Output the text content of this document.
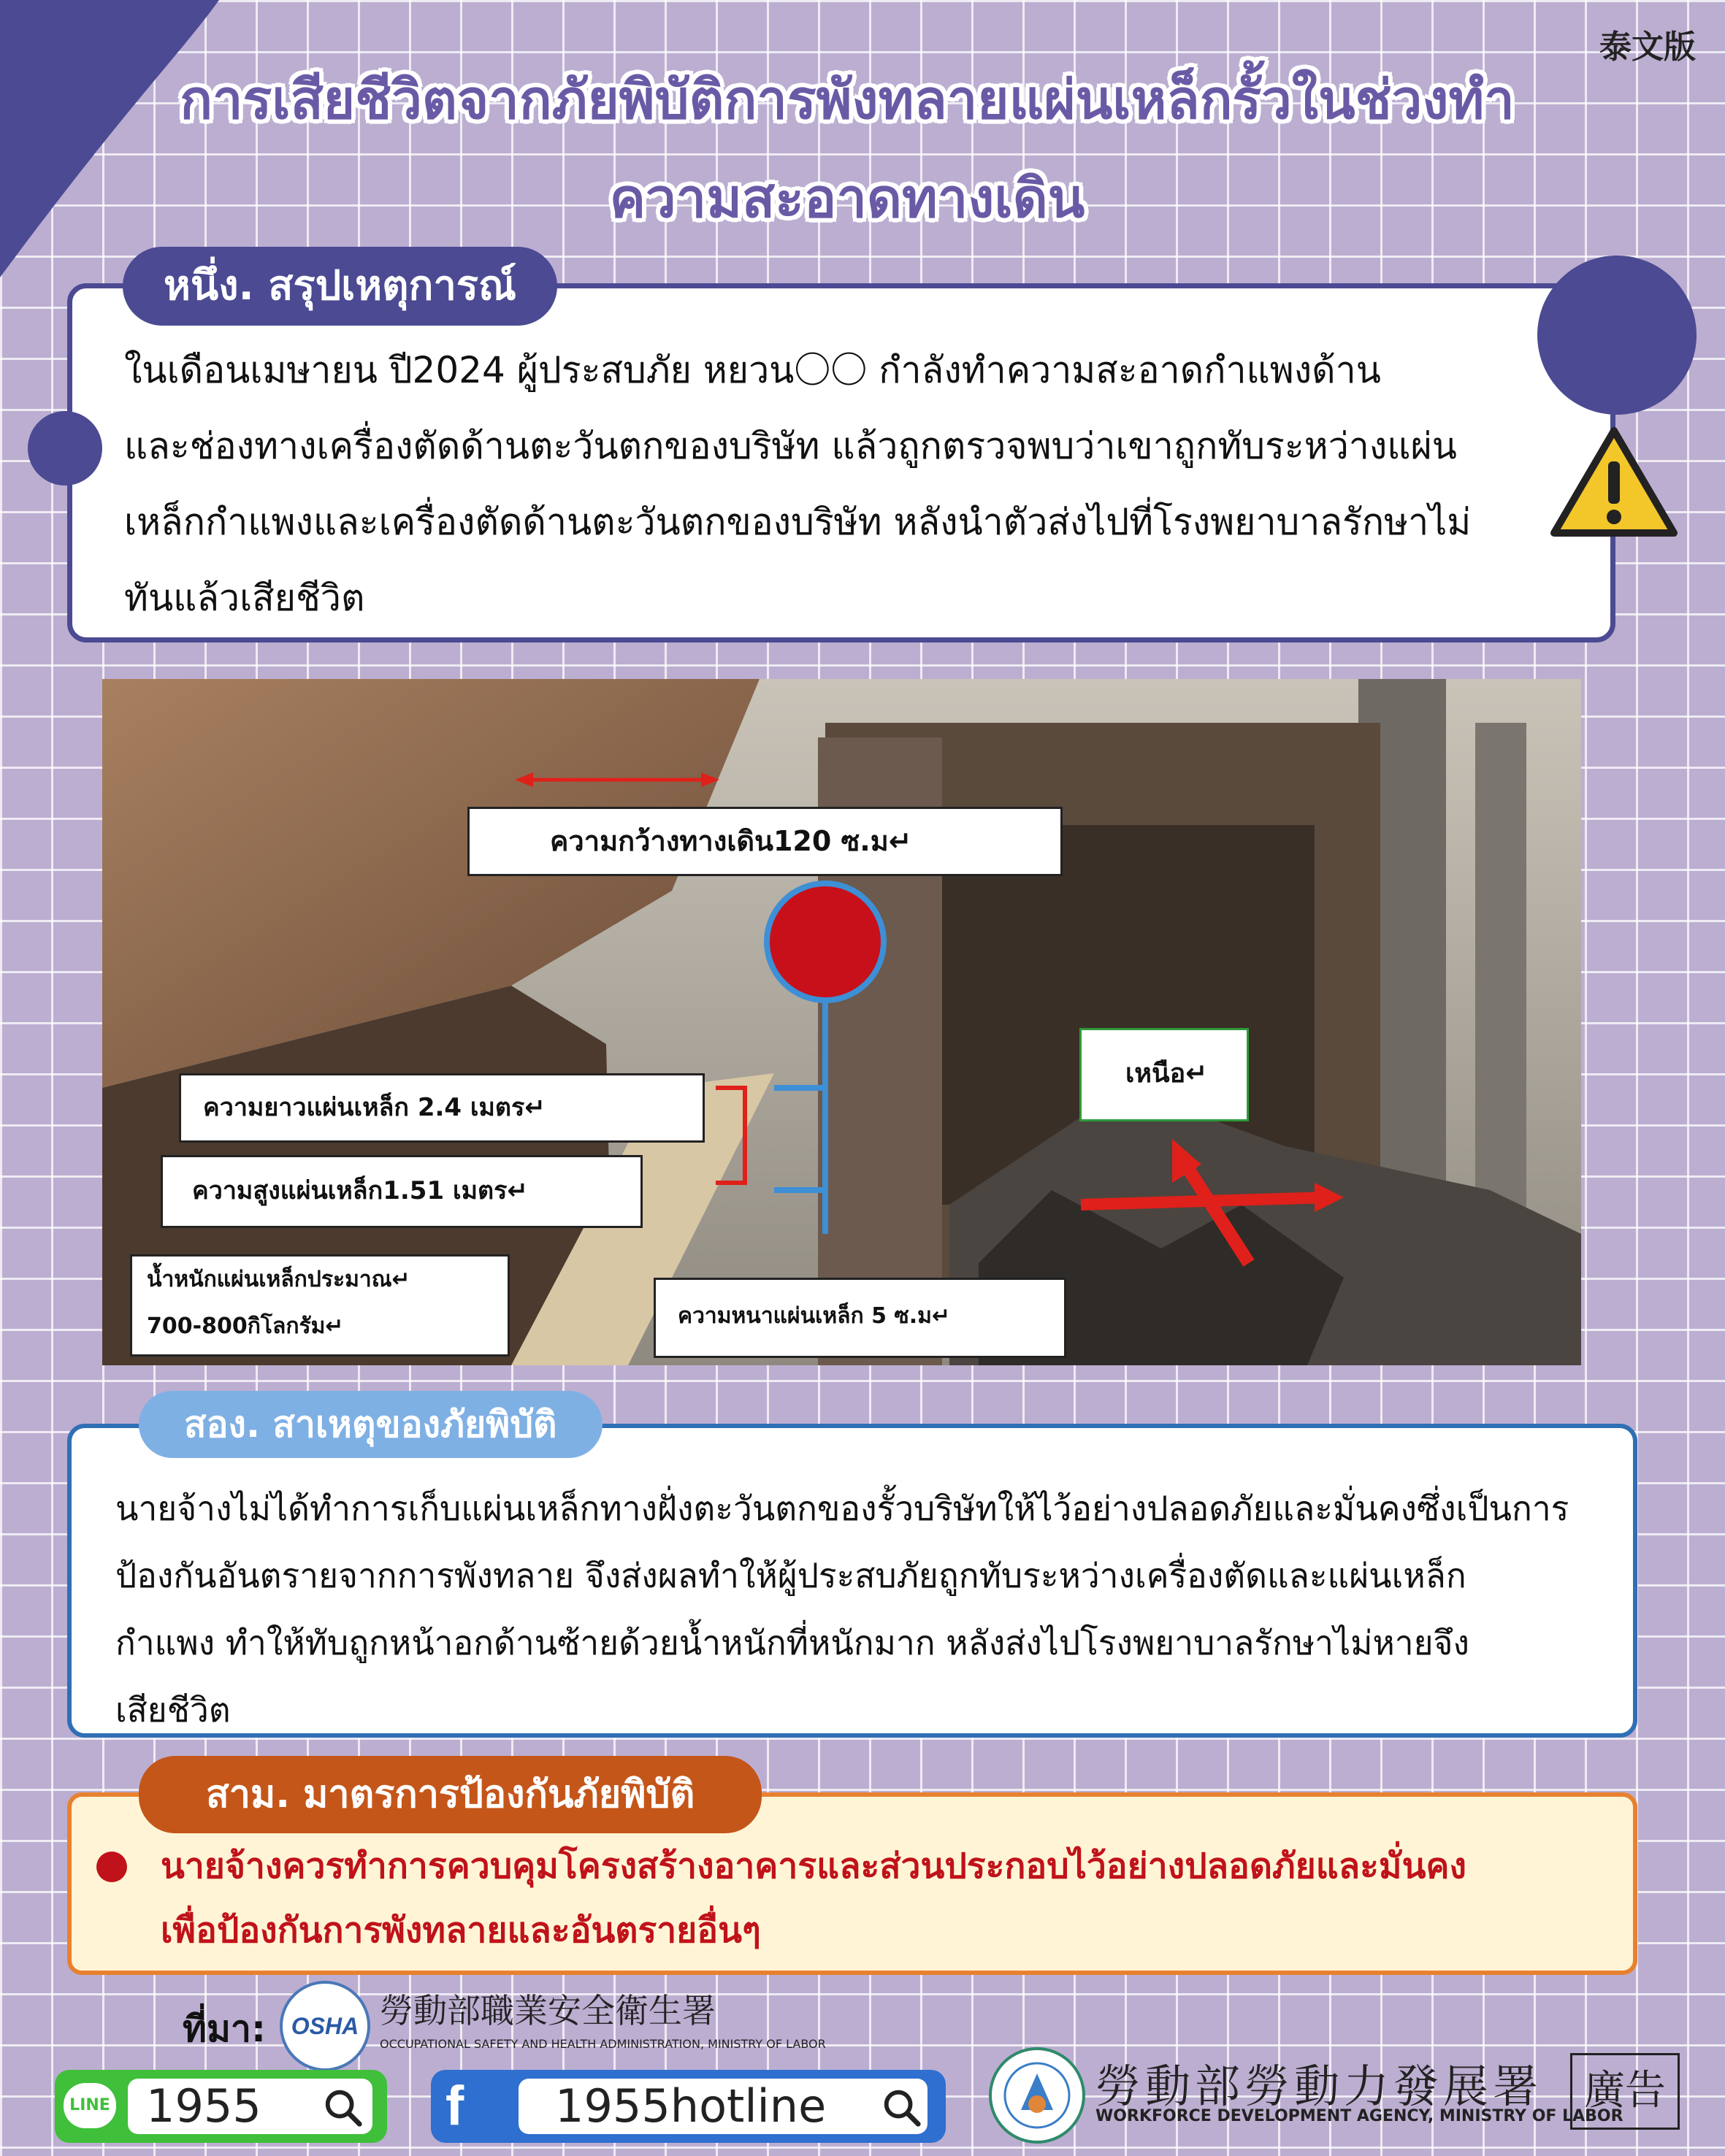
泰文版
การเสียชีวิตจากภัยพิบัติการพังทลายแผ่นเหล็กรั้วในช่วงทำ
ความสะอาดทางเดิน
หนึ่ง. สรุปเหตุการณ์
ในเดือนเมษายน ปี2024 ผู้ประสบภัย หยวน〇〇 กำลังทำความสะอาดกำแพงด้าน
และช่องทางเครื่องตัดด้านตะวันตกของบริษัท แล้วถูกตรวจพบว่าเขาถูกทับระหว่างแผ่น
เหล็กกำแพงและเครื่องตัดด้านตะวันตกของบริษัท หลังนำตัวส่งไปที่โรงพยาบาลรักษาไม่
ทันแล้วเสียชีวิต
ความกว้างทางเดิน120 ซ.ม↵
ความยาวแผ่นเหล็ก 2.4 เมตร↵
ความสูงแผ่นเหล็ก1.51 เมตร↵
น้ำหนักแผ่นเหล็กประมาณ↵
700-800กิโลกรัม↵	ความหนาแผ่นเหล็ก 5 ซ.ม↵
เหนือ↵
สอง. สาเหตุของภัยพิบัติ
นายจ้างไม่ได้ทำการเก็บแผ่นเหล็กทางฝั่งตะวันตกของรั้วบริษัทให้ไว้อย่างปลอดภัยและมั่นคงซึ่งเป็นการ
ป้องกันอันตรายจากการพังทลาย จึงส่งผลทำให้ผู้ประสบภัยถูกทับระหว่างเครื่องตัดและแผ่นเหล็ก
กำแพง ทำให้ทับถูกหน้าอกด้านซ้ายด้วยน้ำหนักที่หนักมาก หลังส่งไปโรงพยาบาลรักษาไม่หายจึง
เสียชีวิต
สาม. มาตรการป้องกันภัยพิบัติ
นายจ้างควรทำการควบคุมโครงสร้างอาคารและส่วนประกอบไว้อย่างปลอดภัยและมั่นคง
เพื่อป้องกันการพังทลายและอันตรายอื่นๆ
ที่มา: OSHA 勞動部職業安全衛生署
OCCUPATIONAL SAFETY AND HEALTH ADMINISTRATION, MINISTRY OF LABOR
LINE 1955	f	1955hotline	勞動部勞動力發展署
WORKFORCE DEVELOPMENT AGENCY, MINISTRY OF LABOR
廣告
